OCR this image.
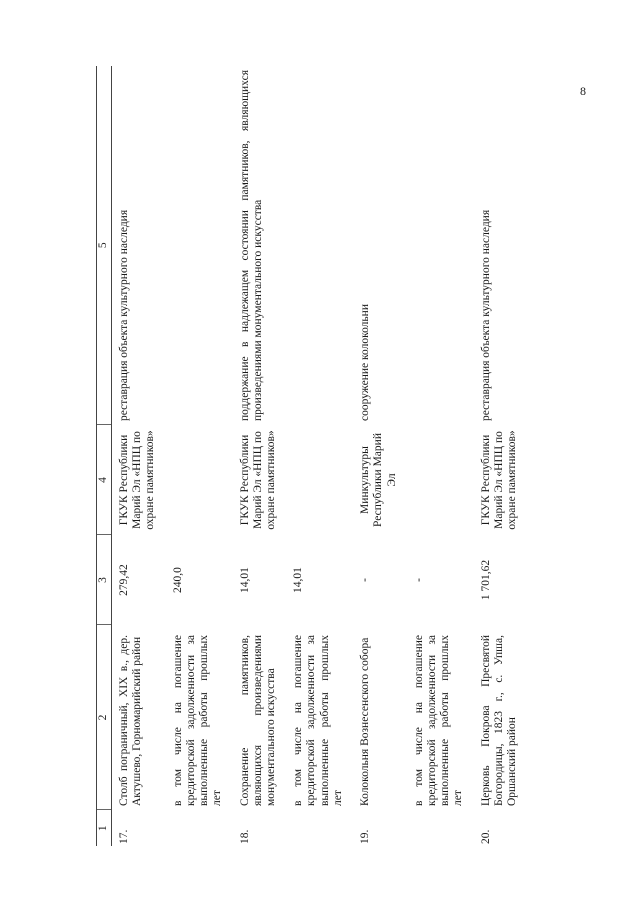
8
1	2	3	4	5
17.	Столб пограничный, XIX в., дер. Актушево, Горномарийский район	279,42	ГКУК Республики Марий Эл «НПЦ по охране памятников»	реставрация объекта культурного наследия
	в том числе на погашение кредиторской задолженности за выполненные работы прошлых лет	240,0		
18.	Сохранение памятников, являющихся произведениями монументального искусства	14,01	ГКУК Республики Марий Эл «НПЦ по охране памятников»	поддержание в надлежащем состоянии памятников, являющихся произведениями монументального искусства
	в том числе на погашение кредиторской задолженности за выполненные работы прошлых лет	14,01		
19.	Колокольня Вознесенского собора	-	Минкультуры Республики Марий Эл	сооружение колокольни
	в том числе на погашение кредиторской задолженности за выполненные работы прошлых лет	-		
20.	Церковь Покрова Пресвятой Богородицы, 1823 г., с. Упша, Оршанский район	1 701,62	ГКУК Республики Марий Эл «НПЦ по охране памятников»	реставрация объекта культурного наследия
